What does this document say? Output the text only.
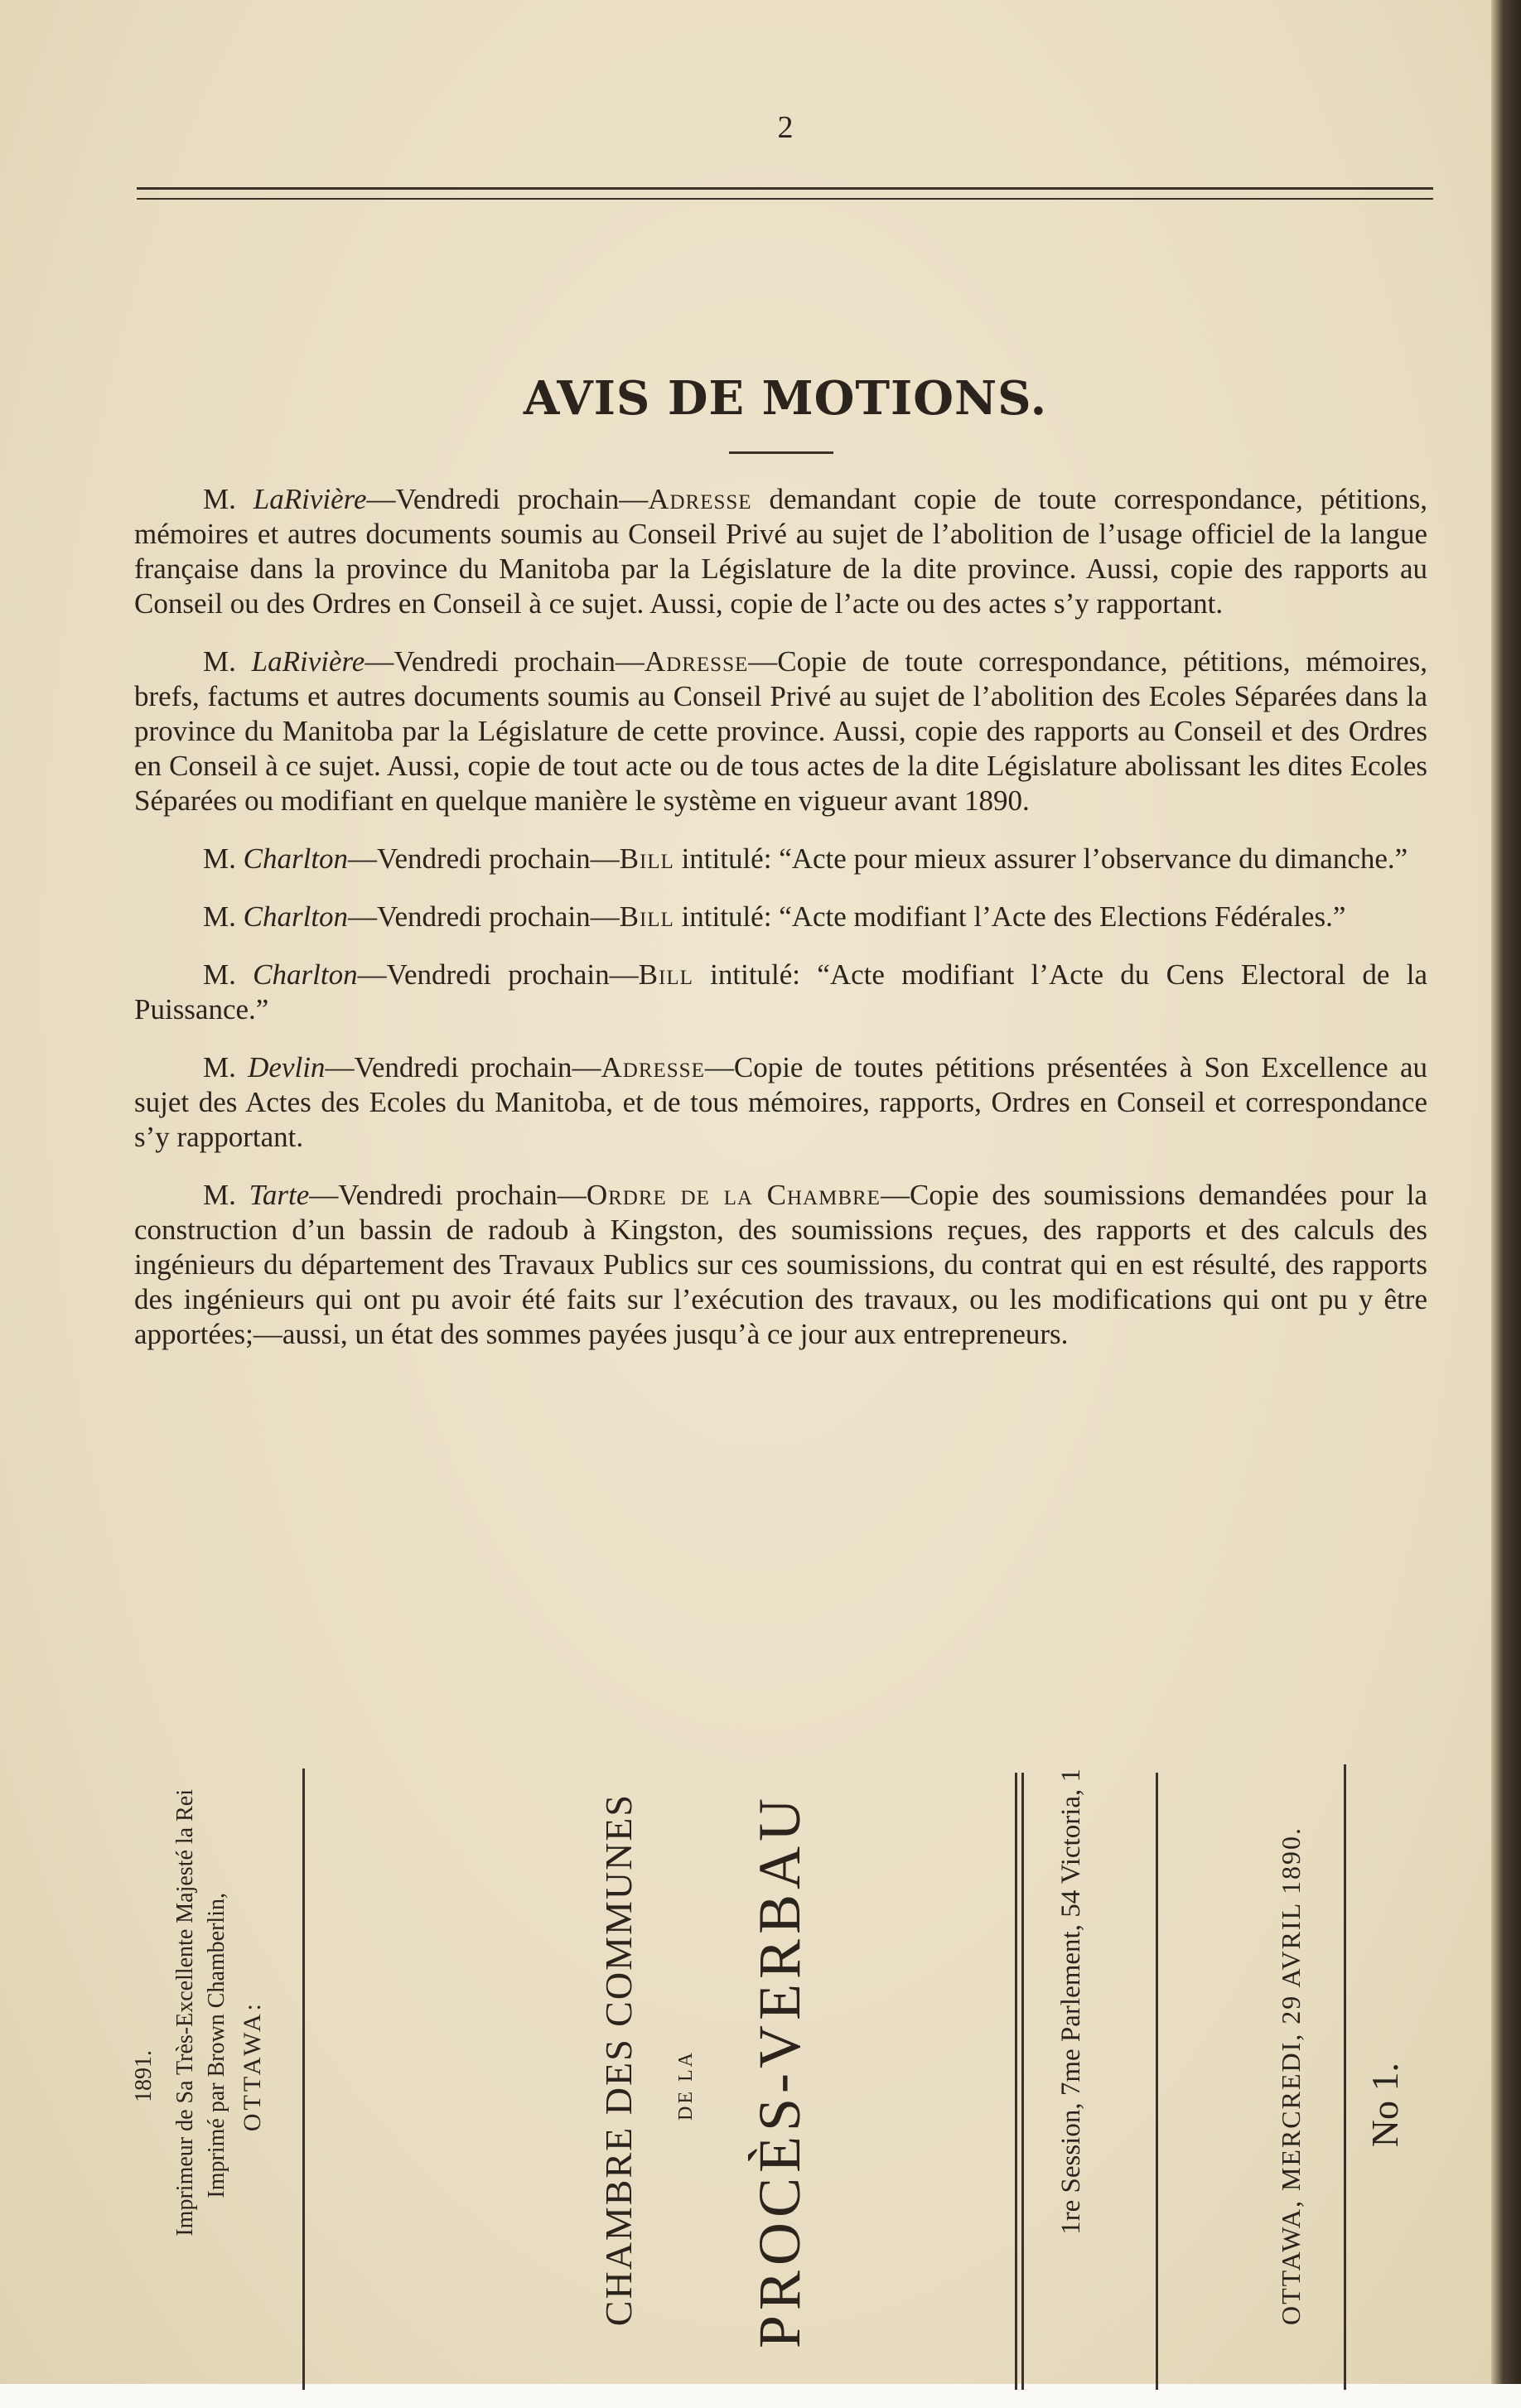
2
AVIS DE MOTIONS.

M. LaRivière—Vendredi prochain—Adresse demandant copie de toute correspondance, pétitions, mémoires et autres documents soumis au Conseil Privé au sujet de l’abolition de l’usage officiel de la langue française dans la province du Manitoba par la Législature de la dite province. Aussi, copie des rapports au Conseil ou des Ordres en Conseil à ce sujet. Aussi, copie de l’acte ou des actes s’y rapportant.

M. LaRivière—Vendredi prochain—Adresse—Copie de toute correspondance, pétitions, mémoires, brefs, factums et autres documents soumis au Conseil Privé au sujet de l’abolition des Ecoles Séparées dans la province du Manitoba par la Législature de cette province. Aussi, copie des rapports au Conseil et des Ordres en Conseil à ce sujet. Aussi, copie de tout acte ou de tous actes de la dite Législature abolissant les dites Ecoles Séparées ou modifiant en quelque manière le système en vigueur avant 1890.

M. Charlton—Vendredi prochain—Bill intitulé: “Acte pour mieux assurer l’observance du dimanche.”

M. Charlton—Vendredi prochain—Bill intitulé: “Acte modifiant l’Acte des Elections Fédérales.”

M. Charlton—Vendredi prochain—Bill intitulé: “Acte modifiant l’Acte du Cens Electoral de la Puissance.”

M. Devlin—Vendredi prochain—Adresse—Copie de toutes pétitions présentées à Son Excellence au sujet des Actes des Ecoles du Manitoba, et de tous mémoires, rapports, Ordres en Conseil et correspondance s’y rapportant.

M. Tarte—Vendredi prochain—Ordre de la Chambre—Copie des soumissions demandées pour la construction d’un bassin de radoub à Kingston, des soumissions reçues, des rapports et des calculs des ingénieurs du département des Travaux Publics sur ces soumissions, du contrat qui en est résulté, des rapports des ingénieurs qui ont pu avoir été faits sur l’exécution des travaux, ou les modifications qui ont pu y être apportées;—aussi, un état des sommes payées jusqu’à ce jour aux entrepreneurs.

No 1.
OTTAWA, MERCREDI, 29 AVRIL 1890.
1re Session, 7me Parlement, 54 Victoria, 1
PROCÈS-VERBAU
DE LA
CHAMBRE DES COMMUNES
OTTAWA:
Imprimé par Brown Chamberlin,
Imprimeur de Sa Très-Excellente Majesté la Rei
1891.
